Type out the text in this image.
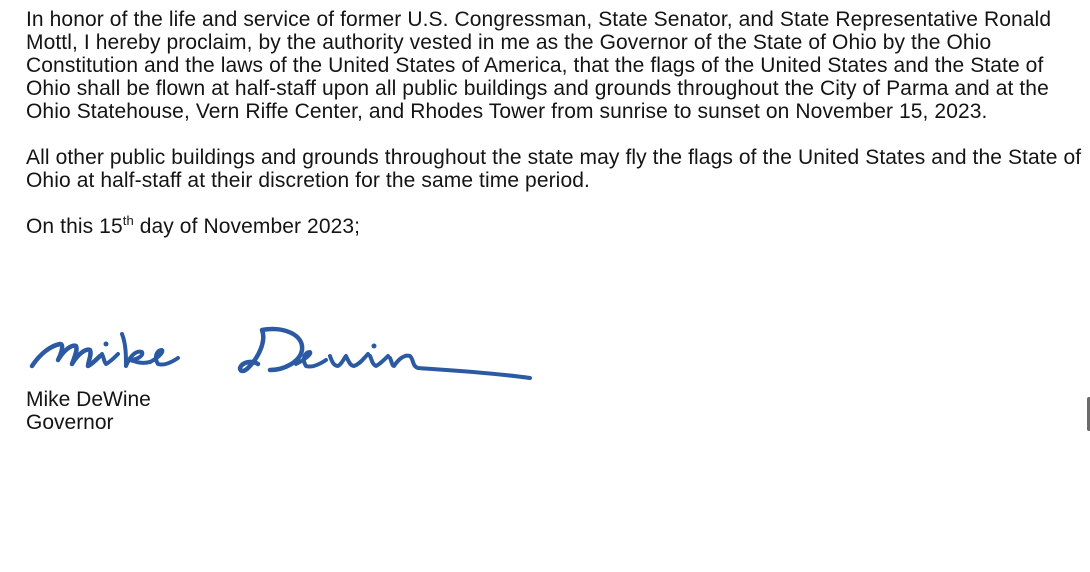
In honor of the life and service of former U.S. Congressman, State Senator, and State Representative Ronald Mottl, I hereby proclaim, by the authority vested in me as the Governor of the State of Ohio by the Ohio Constitution and the laws of the United States of America, that the flags of the United States and the State of Ohio shall be flown at half-staff upon all public buildings and grounds throughout the City of Parma and at the Ohio Statehouse, Vern Riffe Center, and Rhodes Tower from sunrise to sunset on November 15, 2023.

All other public buildings and grounds throughout the state may fly the flags of the United States and the State of Ohio at half-staff at their discretion for the same time period.

On this 15th day of November 2023;

Mike DeWine
Governor
